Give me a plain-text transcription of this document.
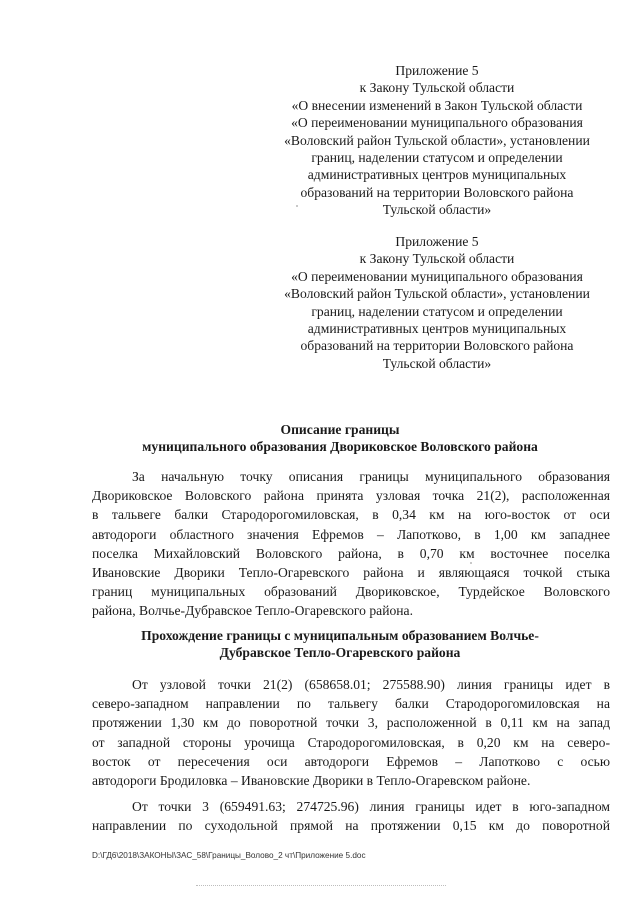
Приложение 5
к Закону Тульской области
«О внесении изменений в Закон Тульской области
«О переименовании муниципального образования
«Воловский район Тульской области», установлении
границ, наделении статусом и определении
административных центров муниципальных
образований на территории Воловского района
Тульской области»
Приложение 5
к Закону Тульской области
«О переименовании муниципального образования
«Воловский район Тульской области», установлении
границ, наделении статусом и определении
административных центров муниципальных
образований на территории Воловского района
Тульской области»
Описание границы
муниципального образования Двориковское Воловского района
За начальную точку описания границы муниципального образования
Двориковское Воловского района принята узловая точка 21(2), расположенная
в тальвеге балки Стародорогомиловская, в 0,34 км на юго-восток от оси
автодороги областного значения Ефремов – Лапотково, в 1,00 км западнее
поселка Михайловский Воловского района, в 0,70 км восточнее поселка
Ивановские Дворики Тепло-Огаревского района и являющаяся точкой стыка
границ муниципальных образований Двориковское, Турдейское Воловского
района, Волчье-Дубравское Тепло-Огаревского района.
Прохождение границы с муниципальным образованием Волчье-
Дубравское Тепло-Огаревского района
От узловой точки 21(2) (658658.01; 275588.90) линия границы идет в
северо-западном направлении по тальвегу балки Стародорогомиловская на
протяжении 1,30 км до поворотной точки 3, расположенной в 0,11 км на запад
от западной стороны урочища Стародорогомиловская, в 0,20 км на северо-
восток от пересечения оси автодороги Ефремов – Лапотково с осью
автодороги Бродиловка – Ивановские Дворики в Тепло-Огаревском районе.
От точки 3 (659491.63; 274725.96) линия границы идет в юго-западном
направлении по суходольной прямой на протяжении 0,15 км до поворотной
D:\ГД6\2018\ЗАКОНЫ\ЗАС_58\Границы_Волово_2 чт\Приложение 5.doc
